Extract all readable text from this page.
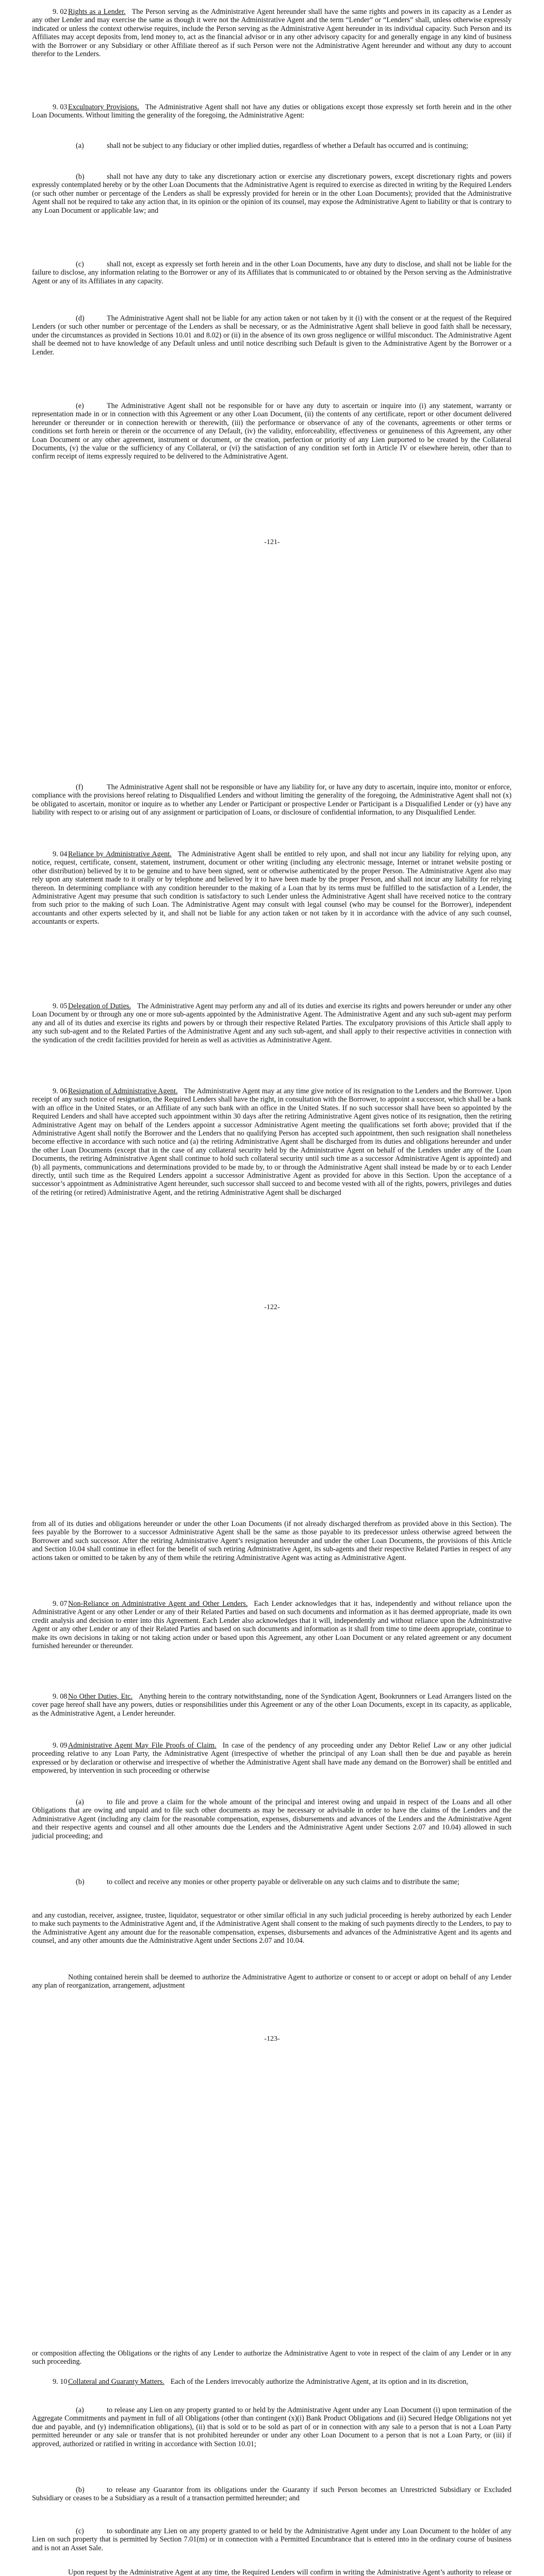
9. 02 Rights as a Lender. The Person serving as the Administrative Agent hereunder shall have the same rights and powers in its capacity as a Lender as any other Lender and may exercise the same as though it were not the Administrative Agent and the term “Lender” or “Lenders” shall, unless otherwise expressly indicated or unless the context otherwise requires, include the Person serving as the Administrative Agent hereunder in its individual capacity. Such Person and its Affiliates may accept deposits from, lend money to, act as the financial advisor or in any other advisory capacity for and generally engage in any kind of business with the Borrower or any Subsidiary or other Affiliate thereof as if such Person were not the Administrative Agent hereunder and without any duty to account therefor to the Lenders.

9. 03 Exculpatory Provisions. The Administrative Agent shall not have any duties or obligations except those expressly set forth herein and in the other Loan Documents. Without limiting the generality of the foregoing, the Administrative Agent:

(a)	shall not be subject to any fiduciary or other implied duties, regardless of whether a Default has occurred and is continuing;

(b)	shall not have any duty to take any discretionary action or exercise any discretionary powers, except discretionary rights and powers expressly contemplated hereby or by the other Loan Documents that the Administrative Agent is required to exercise as directed in writing by the Required Lenders (or such other number or percentage of the Lenders as shall be expressly provided for herein or in the other Loan Documents); provided that the Administrative Agent shall not be required to take any action that, in its opinion or the opinion of its counsel, may expose the Administrative Agent to liability or that is contrary to any Loan Document or applicable law; and

(c)	shall not, except as expressly set forth herein and in the other Loan Documents, have any duty to disclose, and shall not be liable for the failure to disclose, any information relating to the Borrower or any of its Affiliates that is communicated to or obtained by the Person serving as the Administrative Agent or any of its Affiliates in any capacity.

(d)	The Administrative Agent shall not be liable for any action taken or not taken by it (i) with the consent or at the request of the Required Lenders (or such other number or percentage of the Lenders as shall be necessary, or as the Administrative Agent shall believe in good faith shall be necessary, under the circumstances as provided in Sections 10.01 and 8.02) or (ii) in the absence of its own gross negligence or willful misconduct. The Administrative Agent shall be deemed not to have knowledge of any Default unless and until notice describing such Default is given to the Administrative Agent by the Borrower or a Lender.

(e)	The Administrative Agent shall not be responsible for or have any duty to ascertain or inquire into (i) any statement, warranty or representation made in or in connection with this Agreement or any other Loan Document, (ii) the contents of any certificate, report or other document delivered hereunder or thereunder or in connection herewith or therewith, (iii) the performance or observance of any of the covenants, agreements or other terms or conditions set forth herein or therein or the occurrence of any Default, (iv) the validity, enforceability, effectiveness or genuineness of this Agreement, any other Loan Document or any other agreement, instrument or document, or the creation, perfection or priority of any Lien purported to be created by the Collateral Documents, (v) the value or the sufficiency of any Collateral, or (vi) the satisfaction of any condition set forth in Article IV or elsewhere herein, other than to confirm receipt of items expressly required to be delivered to the Administrative Agent.

-121-

(f)	The Administrative Agent shall not be responsible or have any liability for, or have any duty to ascertain, inquire into, monitor or enforce, compliance with the provisions hereof relating to Disqualified Lenders and without limiting the generality of the foregoing, the Administrative Agent shall not (x) be obligated to ascertain, monitor or inquire as to whether any Lender or Participant or prospective Lender or Participant is a Disqualified Lender or (y) have any liability with respect to or arising out of any assignment or participation of Loans, or disclosure of confidential information, to any Disqualified Lender.

9. 04 Reliance by Administrative Agent. The Administrative Agent shall be entitled to rely upon, and shall not incur any liability for relying upon, any notice, request, certificate, consent, statement, instrument, document or other writing (including any electronic message, Internet or intranet website posting or other distribution) believed by it to be genuine and to have been signed, sent or otherwise authenticated by the proper Person. The Administrative Agent also may rely upon any statement made to it orally or by telephone and believed by it to have been made by the proper Person, and shall not incur any liability for relying thereon. In determining compliance with any condition hereunder to the making of a Loan that by its terms must be fulfilled to the satisfaction of a Lender, the Administrative Agent may presume that such condition is satisfactory to such Lender unless the Administrative Agent shall have received notice to the contrary from such prior to the making of such Loan. The Administrative Agent may consult with legal counsel (who may be counsel for the Borrower), independent accountants and other experts selected by it, and shall not be liable for any action taken or not taken by it in accordance with the advice of any such counsel, accountants or experts.

9. 05 Delegation of Duties. The Administrative Agent may perform any and all of its duties and exercise its rights and powers hereunder or under any other Loan Document by or through any one or more sub-agents appointed by the Administrative Agent. The Administrative Agent and any such sub-agent may perform any and all of its duties and exercise its rights and powers by or through their respective Related Parties. The exculpatory provisions of this Article shall apply to any such sub-agent and to the Related Parties of the Administrative Agent and any such sub-agent, and shall apply to their respective activities in connection with the syndication of the credit facilities provided for herein as well as activities as Administrative Agent.

9. 06 Resignation of Administrative Agent. The Administrative Agent may at any time give notice of its resignation to the Lenders and the Borrower. Upon receipt of any such notice of resignation, the Required Lenders shall have the right, in consultation with the Borrower, to appoint a successor, which shall be a bank with an office in the United States, or an Affiliate of any such bank with an office in the United States. If no such successor shall have been so appointed by the Required Lenders and shall have accepted such appointment within 30 days after the retiring Administrative Agent gives notice of its resignation, then the retiring Administrative Agent may on behalf of the Lenders appoint a successor Administrative Agent meeting the qualifications set forth above; provided that if the Administrative Agent shall notify the Borrower and the Lenders that no qualifying Person has accepted such appointment, then such resignation shall nonetheless become effective in accordance with such notice and (a) the retiring Administrative Agent shall be discharged from its duties and obligations hereunder and under the other Loan Documents (except that in the case of any collateral security held by the Administrative Agent on behalf of the Lenders under any of the Loan Documents, the retiring Administrative Agent shall continue to hold such collateral security until such time as a successor Administrative Agent is appointed) and (b) all payments, communications and determinations provided to be made by, to or through the Administrative Agent shall instead be made by or to each Lender directly, until such time as the Required Lenders appoint a successor Administrative Agent as provided for above in this Section. Upon the acceptance of a successor’s appointment as Administrative Agent hereunder, such successor shall succeed to and become vested with all of the rights, powers, privileges and duties of the retiring (or retired) Administrative Agent, and the retiring Administrative Agent shall be discharged

-122-

from all of its duties and obligations hereunder or under the other Loan Documents (if not already discharged therefrom as provided above in this Section). The fees payable by the Borrower to a successor Administrative Agent shall be the same as those payable to its predecessor unless otherwise agreed between the Borrower and such successor. After the retiring Administrative Agent’s resignation hereunder and under the other Loan Documents, the provisions of this Article and Section 10.04 shall continue in effect for the benefit of such retiring Administrative Agent, its sub-agents and their respective Related Parties in respect of any actions taken or omitted to be taken by any of them while the retiring Administrative Agent was acting as Administrative Agent.

9. 07 Non-Reliance on Administrative Agent and Other Lenders. Each Lender acknowledges that it has, independently and without reliance upon the Administrative Agent or any other Lender or any of their Related Parties and based on such documents and information as it has deemed appropriate, made its own credit analysis and decision to enter into this Agreement. Each Lender also acknowledges that it will, independently and without reliance upon the Administrative Agent or any other Lender or any of their Related Parties and based on such documents and information as it shall from time to time deem appropriate, continue to make its own decisions in taking or not taking action under or based upon this Agreement, any other Loan Document or any related agreement or any document furnished hereunder or thereunder.

9. 08 No Other Duties, Etc. Anything herein to the contrary notwithstanding, none of the Syndication Agent, Bookrunners or Lead Arrangers listed on the cover page hereof shall have any powers, duties or responsibilities under this Agreement or any of the other Loan Documents, except in its capacity, as applicable, as the Administrative Agent, a Lender hereunder.

9. 09 Administrative Agent May File Proofs of Claim. In case of the pendency of any proceeding under any Debtor Relief Law or any other judicial proceeding relative to any Loan Party, the Administrative Agent (irrespective of whether the principal of any Loan shall then be due and payable as herein expressed or by declaration or otherwise and irrespective of whether the Administrative Agent shall have made any demand on the Borrower) shall be entitled and empowered, by intervention in such proceeding or otherwise

(a)	to file and prove a claim for the whole amount of the principal and interest owing and unpaid in respect of the Loans and all other Obligations that are owing and unpaid and to file such other documents as may be necessary or advisable in order to have the claims of the Lenders and the Administrative Agent (including any claim for the reasonable compensation, expenses, disbursements and advances of the Lenders and the Administrative Agent and their respective agents and counsel and all other amounts due the Lenders and the Administrative Agent under Sections 2.07 and 10.04) allowed in such judicial proceeding; and

(b)	to collect and receive any monies or other property payable or deliverable on any such claims and to distribute the same;

and any custodian, receiver, assignee, trustee, liquidator, sequestrator or other similar official in any such judicial proceeding is hereby authorized by each Lender to make such payments to the Administrative Agent and, if the Administrative Agent shall consent to the making of such payments directly to the Lenders, to pay to the Administrative Agent any amount due for the reasonable compensation, expenses, disbursements and advances of the Administrative Agent and its agents and counsel, and any other amounts due the Administrative Agent under Sections 2.07 and 10.04.

Nothing contained herein shall be deemed to authorize the Administrative Agent to authorize or consent to or accept or adopt on behalf of any Lender any plan of reorganization, arrangement, adjustment

-123-

or composition affecting the Obligations or the rights of any Lender to authorize the Administrative Agent to vote in respect of the claim of any Lender or in any such proceeding.

9. 10 Collateral and Guaranty Matters. Each of the Lenders irrevocably authorize the Administrative Agent, at its option and in its discretion,

(a)	to release any Lien on any property granted to or held by the Administrative Agent under any Loan Document (i) upon termination of the Aggregate Commitments and payment in full of all Obligations (other than contingent (x)(i) Bank Product Obligations and (ii) Secured Hedge Obligations not yet due and payable, and (y) indemnification obligations), (ii) that is sold or to be sold as part of or in connection with any sale to a person that is not a Loan Party permitted hereunder or any sale or transfer that is not prohibited hereunder or under any other Loan Document to a person that is not a Loan Party, or (iii) if approved, authorized or ratified in writing in accordance with Section 10.01;

(b)	to release any Guarantor from its obligations under the Guaranty if such Person becomes an Unrestricted Subsidiary or Excluded Subsidiary or ceases to be a Subsidiary as a result of a transaction permitted hereunder; and

(c)	to subordinate any Lien on any property granted to or held by the Administrative Agent under any Loan Document to the holder of any Lien on such property that is permitted by Section 7.01(m) or in connection with a Permitted Encumbrance that is entered into in the ordinary course of business and is not an Asset Sale.

Upon request by the Administrative Agent at any time, the Required Lenders will confirm in writing the Administrative Agent’s authority to release or
